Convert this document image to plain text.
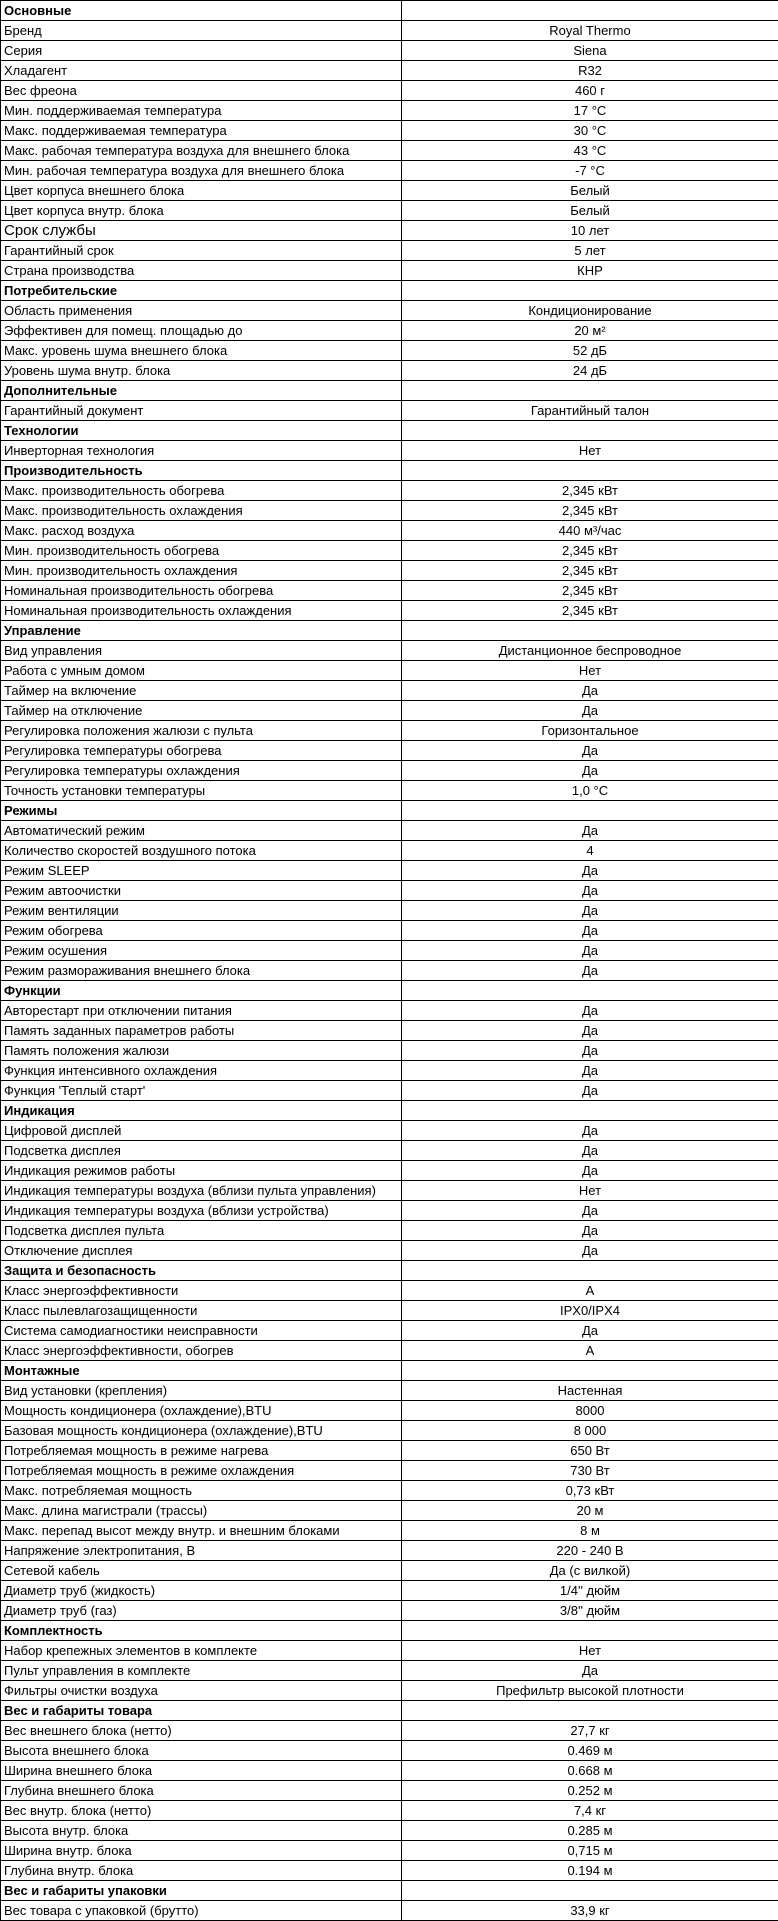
Основные	
Бренд	Royal Thermo
Серия	Siena
Хладагент	R32
Вес фреона	460 г
Мин. поддерживаемая температура	17 °C
Макс. поддерживаемая температура	30 °C
Макс. рабочая температура воздуха для внешнего блока	43 °C
Мин. рабочая температура воздуха для внешнего блока	-7 °C
Цвет корпуса внешнего блока	Белый
Цвет корпуса внутр. блока	Белый
Срок службы	10 лет
Гарантийный срок	5 лет
Страна производства	КНР
Потребительские	
Область применения	Кондиционирование
Эффективен для помещ. площадью до	20 м²
Макс. уровень шума внешнего блока	52 дБ
Уровень шума внутр. блока	24 дБ
Дополнительные	
Гарантийный документ	Гарантийный талон
Технологии	
Инверторная технология	Нет
Производительность	
Макс. производительность обогрева	2,345 кВт
Макс. производительность охлаждения	2,345 кВт
Макс. расход воздуха	440 м³/час
Мин. производительность обогрева	2,345 кВт
Мин. производительность охлаждения	2,345 кВт
Номинальная производительность обогрева	2,345 кВт
Номинальная производительность охлаждения	2,345 кВт
Управление	
Вид управления	Дистанционное беспроводное
Работа с умным домом	Нет
Таймер на включение	Да
Таймер на отключение	Да
Регулировка положения жалюзи с пульта	Горизонтальное
Регулировка температуры обогрева	Да
Регулировка температуры охлаждения	Да
Точность установки температуры	1,0 °C
Режимы	
Автоматический режим	Да
Количество скоростей воздушного потока	4
Режим SLEEP	Да
Режим автоочистки	Да
Режим вентиляции	Да
Режим обогрева	Да
Режим осушения	Да
Режим размораживания внешнего блока	Да
Функции	
Авторестарт при отключении питания	Да
Память заданных параметров работы	Да
Память положения жалюзи	Да
Функция интенсивного охлаждения	Да
Функция 'Теплый старт'	Да
Индикация	
Цифровой дисплей	Да
Подсветка дисплея	Да
Индикация режимов работы	Да
Индикация температуры воздуха (вблизи пульта управления)	Нет
Индикация температуры воздуха (вблизи устройства)	Да
Подсветка дисплея пульта	Да
Отключение дисплея	Да
Защита и безопасность	
Класс энергоэффективности	A
Класс пылевлагозащищенности	IPX0/IPX4
Система самодиагностики неисправности	Да
Класс энергоэффективности, обогрев	A
Монтажные	
Вид установки (крепления)	Настенная
Мощность кондиционера (охлаждение),BTU	8000
Базовая мощность кондиционера (охлаждение),BTU	8 000
Потребляемая мощность в режиме нагрева	650 Вт
Потребляемая мощность в режиме охлаждения	730 Вт
Макс. потребляемая мощность	0,73 кВт
Макс. длина магистрали (трассы)	20 м
Макс. перепад высот между внутр. и внешним блоками	8 м
Напряжение электропитания, В	220 - 240 В
Сетевой кабель	Да (с вилкой)
Диаметр труб (жидкость)	1/4'' дюйм
Диаметр труб (газ)	3/8'' дюйм
Комплектность	
Набор крепежных элементов в комплекте	Нет
Пульт управления в комплекте	Да
Фильтры очистки воздуха	Префильтр высокой плотности
Вес и габариты товара	
Вес внешнего блока (нетто)	27,7 кг
Высота внешнего блока	0.469 м
Ширина внешнего блока	0.668 м
Глубина внешнего блока	0.252 м
Вес внутр. блока (нетто)	7,4 кг
Высота внутр. блока	0.285 м
Ширина внутр. блока	0,715 м
Глубина внутр. блока	0.194 м
Вес и габариты упаковки	
Вес товара с упаковкой (брутто)	33,9 кг
